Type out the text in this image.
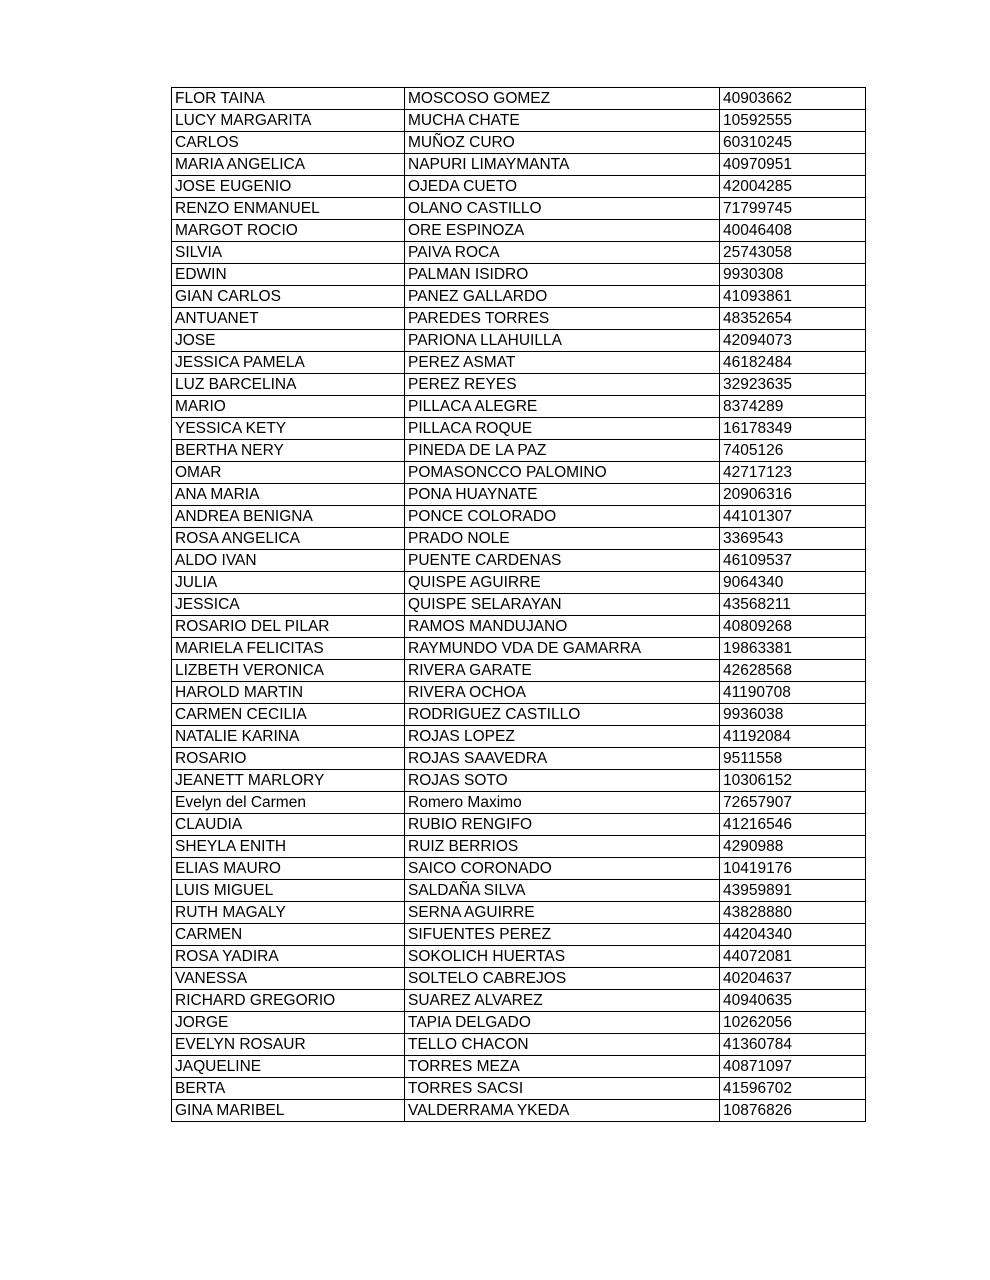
FLOR TAINA	MOSCOSO GOMEZ	40903662
LUCY MARGARITA	MUCHA CHATE	10592555
CARLOS	MUÑOZ CURO	60310245
MARIA ANGELICA	NAPURI LIMAYMANTA	40970951
JOSE EUGENIO	OJEDA CUETO	42004285
RENZO ENMANUEL	OLANO CASTILLO	71799745
MARGOT ROCIO	ORE ESPINOZA	40046408
SILVIA	PAIVA ROCA	25743058
EDWIN	PALMAN ISIDRO	9930308
GIAN CARLOS	PANEZ GALLARDO	41093861
ANTUANET	PAREDES TORRES	48352654
JOSE	PARIONA LLAHUILLA	42094073
JESSICA PAMELA	PEREZ ASMAT	46182484
LUZ BARCELINA	PEREZ REYES	32923635
MARIO	PILLACA ALEGRE	8374289
YESSICA KETY	PILLACA ROQUE	16178349
BERTHA NERY	PINEDA DE LA PAZ	7405126
OMAR	POMASONCCO PALOMINO	42717123
ANA MARIA	PONA HUAYNATE	20906316
ANDREA BENIGNA	PONCE COLORADO	44101307
ROSA ANGELICA	PRADO NOLE	3369543
ALDO IVAN	PUENTE CARDENAS	46109537
JULIA	QUISPE AGUIRRE	9064340
JESSICA	QUISPE SELARAYAN	43568211
ROSARIO DEL PILAR	RAMOS MANDUJANO	40809268
MARIELA FELICITAS	RAYMUNDO VDA DE GAMARRA	19863381
LIZBETH VERONICA	RIVERA GARATE	42628568
HAROLD MARTIN	RIVERA OCHOA	41190708
CARMEN CECILIA	RODRIGUEZ CASTILLO	9936038
NATALIE KARINA	ROJAS LOPEZ	41192084
ROSARIO	ROJAS SAAVEDRA	9511558
JEANETT MARLORY	ROJAS SOTO	10306152
Evelyn del Carmen	Romero Maximo	72657907
CLAUDIA	RUBIO RENGIFO	41216546
SHEYLA ENITH	RUIZ BERRIOS	4290988
ELIAS MAURO	SAICO CORONADO	10419176
LUIS MIGUEL	SALDAÑA SILVA	43959891
RUTH MAGALY	SERNA AGUIRRE	43828880
CARMEN	SIFUENTES PEREZ	44204340
ROSA YADIRA	SOKOLICH HUERTAS	44072081
VANESSA	SOLTELO CABREJOS	40204637
RICHARD GREGORIO	SUAREZ ALVAREZ	40940635
JORGE	TAPIA DELGADO	10262056
EVELYN ROSAUR	TELLO CHACON	41360784
JAQUELINE	TORRES MEZA	40871097
BERTA	TORRES SACSI	41596702
GINA MARIBEL	VALDERRAMA YKEDA	10876826
